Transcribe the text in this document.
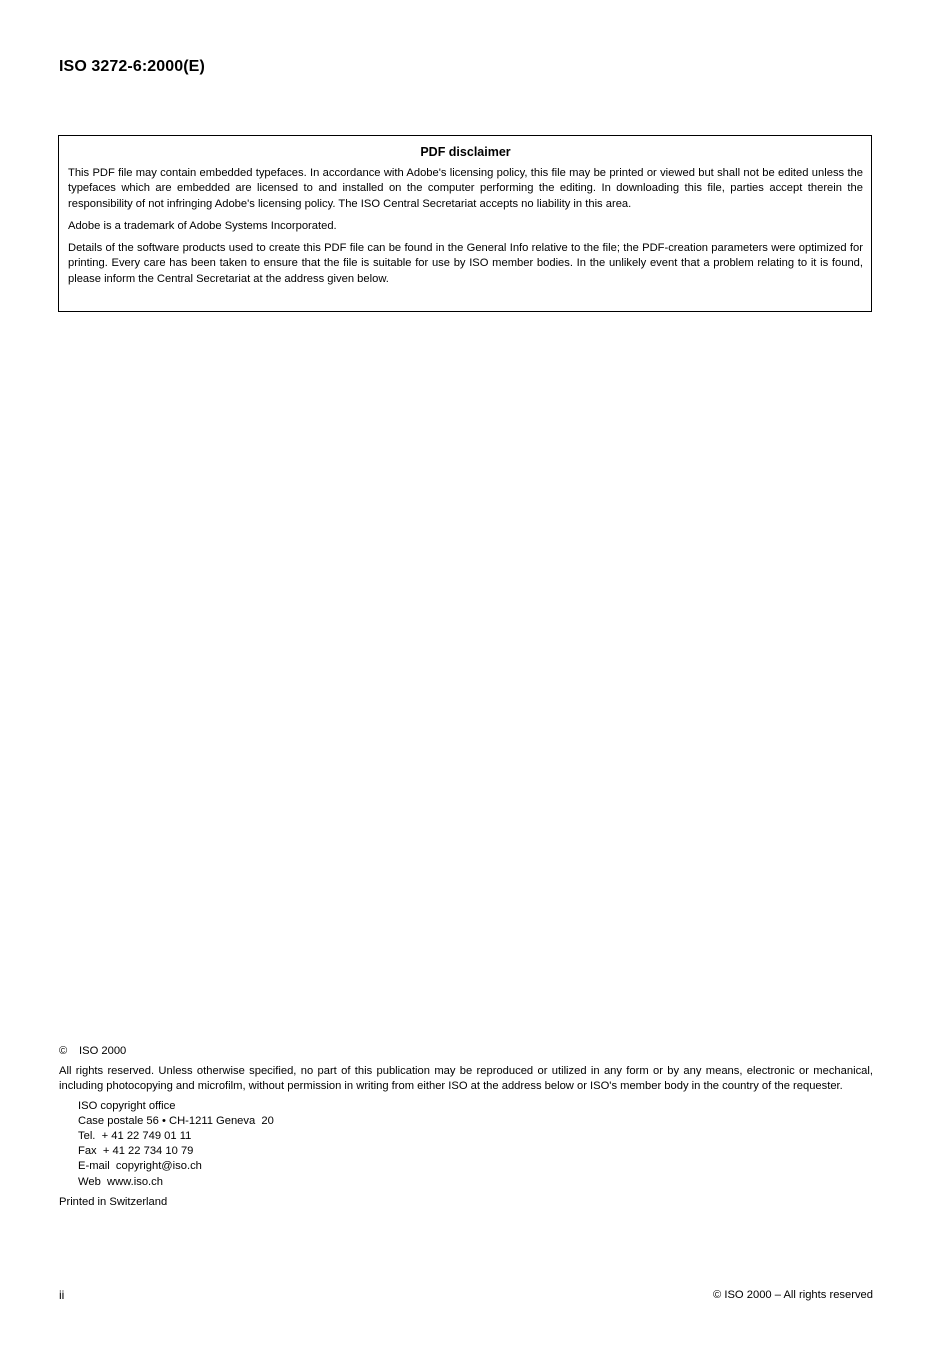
ISO 3272-6:2000(E)

PDF disclaimer

This PDF file may contain embedded typefaces. In accordance with Adobe's licensing policy, this file may be printed or viewed but shall not be edited unless the typefaces which are embedded are licensed to and installed on the computer performing the editing. In downloading this file, parties accept therein the responsibility of not infringing Adobe's licensing policy. The ISO Central Secretariat accepts no liability in this area.

Adobe is a trademark of Adobe Systems Incorporated.

Details of the software products used to create this PDF file can be found in the General Info relative to the file; the PDF-creation parameters were optimized for printing. Every care has been taken to ensure that the file is suitable for use by ISO member bodies. In the unlikely event that a problem relating to it is found, please inform the Central Secretariat at the address given below.

© ISO 2000

All rights reserved. Unless otherwise specified, no part of this publication may be reproduced or utilized in any form or by any means, electronic or mechanical, including photocopying and microfilm, without permission in writing from either ISO at the address below or ISO's member body in the country of the requester.

ISO copyright office
Case postale 56 • CH-1211 Geneva  20
Tel.  + 41 22 749 01 11
Fax  + 41 22 734 10 79
E-mail  copyright@iso.ch
Web  www.iso.ch

Printed in Switzerland

ii	© ISO 2000 – All rights reserved
